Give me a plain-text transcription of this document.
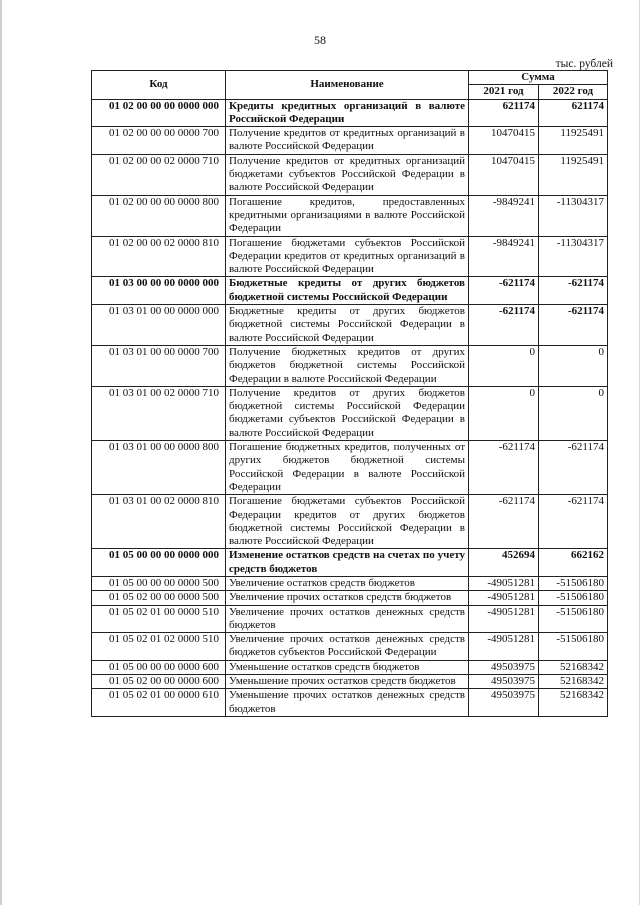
58
тыс. рублей
Код	Наименование	Сумма	
		2021 год	2022 год
01 02 00 00 00 0000 000	Кредиты кредитных организаций в валюте Российской Федерации	621174	621174
01 02 00 00 00 0000 700	Получение кредитов от кредитных организаций в валюте Российской Федерации	10470415	11925491
01 02 00 00 02 0000 710	Получение кредитов от кредитных организаций бюджетами субъектов Российской Федерации в валюте Российской Федерации	10470415	11925491
01 02 00 00 00 0000 800	Погашение кредитов, предоставленных кредитными организациями в валюте Российской Федерации	-9849241	-11304317
01 02 00 00 02 0000 810	Погашение бюджетами субъектов Российской Федерации кредитов от кредитных организаций в валюте Российской Федерации	-9849241	-11304317
01 03 00 00 00 0000 000	Бюджетные кредиты от других бюджетов бюджетной системы Российской Федерации	-621174	-621174
01 03 01 00 00 0000 000	Бюджетные кредиты от других бюджетов бюджетной системы Российской Федерации в валюте Российской Федерации	-621174	-621174
01 03 01 00 00 0000 700	Получение бюджетных кредитов от других бюджетов бюджетной системы Российской Федерации в валюте Российской Федерации	0	0
01 03 01 00 02 0000 710	Получение кредитов от других бюджетов бюджетной системы Российской Федерации бюджетами субъектов Российской Федерации в валюте Российской Федерации	0	0
01 03 01 00 00 0000 800	Погашение бюджетных кредитов, полученных от других бюджетов бюджетной системы Российской Федерации в валюте Российской Федерации	-621174	-621174
01 03 01 00 02 0000 810	Погашение бюджетами субъектов Российской Федерации кредитов от других бюджетов бюджетной системы Российской Федерации в валюте Российской Федерации	-621174	-621174
01 05 00 00 00 0000 000	Изменение остатков средств на счетах по учету средств бюджетов	452694	662162
01 05 00 00 00 0000 500	Увеличение остатков средств бюджетов	-49051281	-51506180
01 05 02 00 00 0000 500	Увеличение прочих остатков средств бюджетов	-49051281	-51506180
01 05 02 01 00 0000 510	Увеличение прочих остатков денежных средств бюджетов	-49051281	-51506180
01 05 02 01 02 0000 510	Увеличение прочих остатков денежных средств бюджетов субъектов Российской Федерации	-49051281	-51506180
01 05 00 00 00 0000 600	Уменьшение остатков средств бюджетов	49503975	52168342
01 05 02 00 00 0000 600	Уменьшение прочих остатков средств бюджетов	49503975	52168342
01 05 02 01 00 0000 610	Уменьшение прочих остатков денежных средств бюджетов	49503975	52168342
